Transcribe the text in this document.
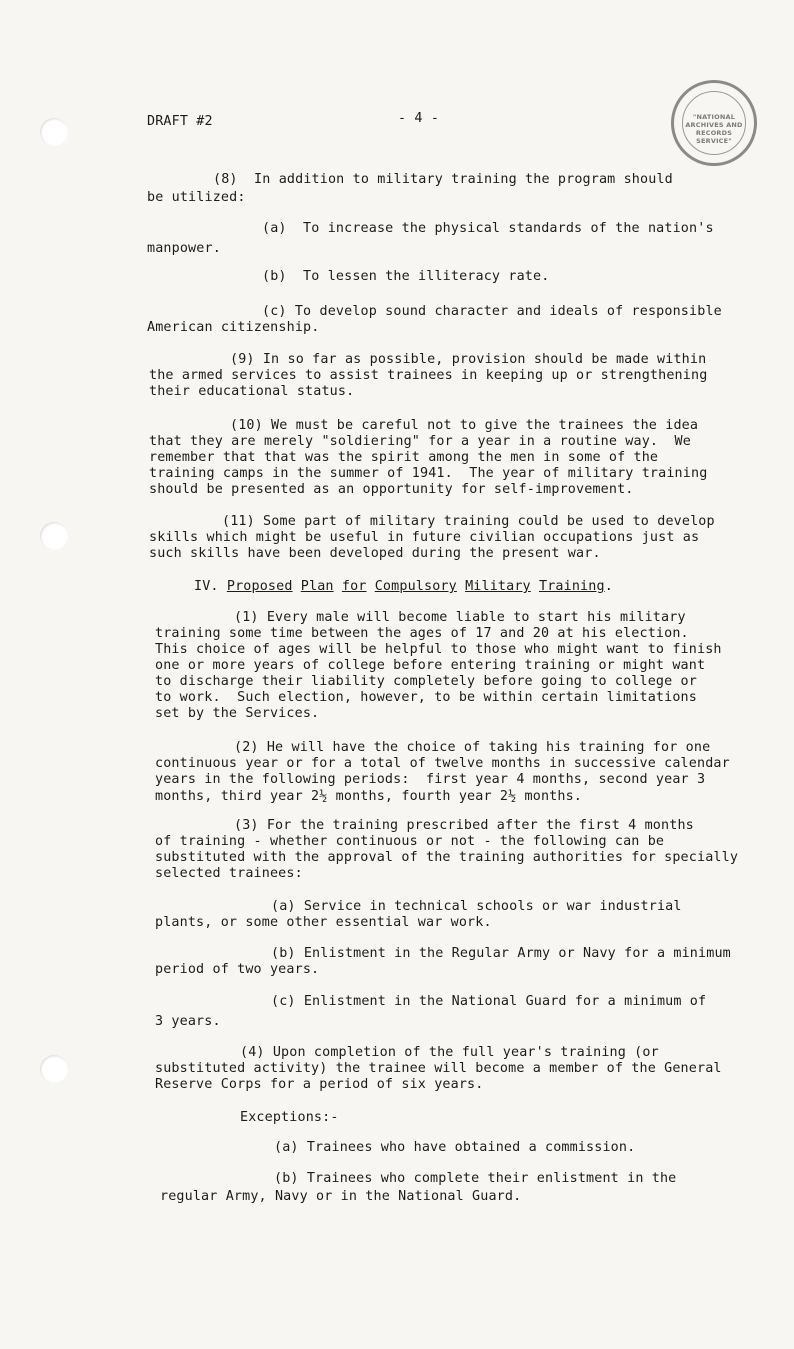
"NATIONAL
ARCHIVES AND
RECORDS
SERVICE"
DRAFT #2	- 4 -
(8)  In addition to military training the program should
be utilized:
(a)  To increase the physical standards of the nation's
manpower.
(b)  To lessen the illiteracy rate.
(c) To develop sound character and ideals of responsible
American citizenship.
(9) In so far as possible, provision should be made within
the armed services to assist trainees in keeping up or strengthening
their educational status.
(10) We must be careful not to give the trainees the idea
that they are merely "soldiering" for a year in a routine way.  We
remember that that was the spirit among the men in some of the
training camps in the summer of 1941.  The year of military training
should be presented as an opportunity for self-improvement.
(11) Some part of military training could be used to develop
skills which might be useful in future civilian occupations just as
such skills have been developed during the present war.
IV. Proposed Plan for Compulsory Military Training.
(1) Every male will become liable to start his military
training some time between the ages of 17 and 20 at his election.
This choice of ages will be helpful to those who might want to finish
one or more years of college before entering training or might want
to discharge their liability completely before going to college or
to work.  Such election, however, to be within certain limitations
set by the Services.
(2) He will have the choice of taking his training for one
continuous year or for a total of twelve months in successive calendar
years in the following periods:  first year 4 months, second year 3
months, third year 2½ months, fourth year 2½ months.
(3) For the training prescribed after the first 4 months
of training - whether continuous or not - the following can be
substituted with the approval of the training authorities for specially
selected trainees:
(a) Service in technical schools or war industrial
plants, or some other essential war work.
(b) Enlistment in the Regular Army or Navy for a minimum
period of two years.
(c) Enlistment in the National Guard for a minimum of
3 years.
(4) Upon completion of the full year's training (or
substituted activity) the trainee will become a member of the General
Reserve Corps for a period of six years.
Exceptions:-
(a) Trainees who have obtained a commission.
(b) Trainees who complete their enlistment in the
regular Army, Navy or in the National Guard.
